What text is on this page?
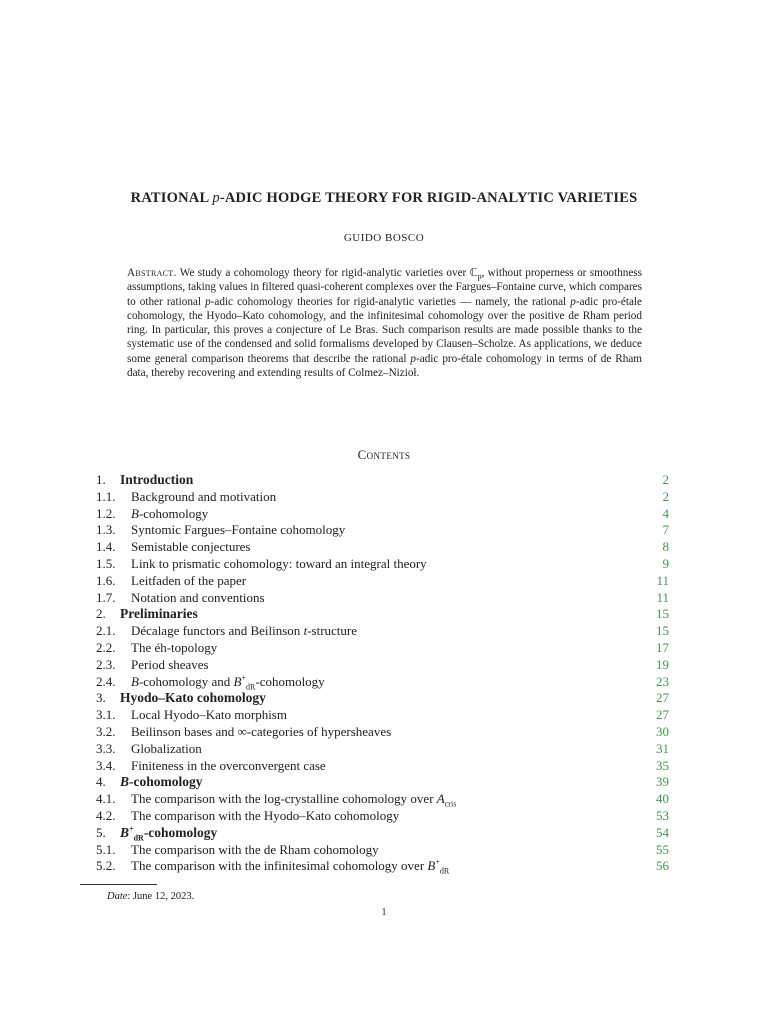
RATIONAL p-ADIC HODGE THEORY FOR RIGID-ANALYTIC VARIETIES
GUIDO BOSCO
Abstract. We study a cohomology theory for rigid-analytic varieties over ℂ$_p$, without properness or smoothness assumptions, taking values in filtered quasi-coherent complexes over the Fargues–Fontaine curve, which compares to other rational p-adic cohomology theories for rigid-analytic varieties — namely, the rational p-adic pro-étale cohomology, the Hyodo–Kato cohomology, and the infinitesimal cohomology over the positive de Rham period ring. In particular, this proves a conjecture of Le Bras. Such comparison results are made possible thanks to the systematic use of the condensed and solid formalisms developed by Clausen–Scholze. As applications, we deduce some general comparison theorems that describe the rational p-adic pro-étale cohomology in terms of de Rham data, thereby recovering and extending results of Colmez–Nizioł.
Contents
1. Introduction	2
1.1. Background and motivation	2
1.2. B-cohomology	4
1.3. Syntomic Fargues–Fontaine cohomology	7
1.4. Semistable conjectures	8
1.5. Link to prismatic cohomology: toward an integral theory	9
1.6. Leitfaden of the paper	11
1.7. Notation and conventions	11
2. Preliminaries	15
2.1. Décalage functors and Beilinson t-structure	15
2.2. The éh-topology	17
2.3. Period sheaves	19
2.4. B-cohomology and $B^+_{dR}$-cohomology	23
3. Hyodo–Kato cohomology	27
3.1. Local Hyodo–Kato morphism	27
3.2. Beilinson bases and ∞-categories of hypersheaves	30
3.3. Globalization	31
3.4. Finiteness in the overconvergent case	35
4. B-cohomology	39
4.1. The comparison with the log-crystalline cohomology over $A_{cris}$	40
4.2. The comparison with the Hyodo–Kato cohomology	53
5. $B^+_{dR}$-cohomology	54
5.1. The comparison with the de Rham cohomology	55
5.2. The comparison with the infinitesimal cohomology over $B^+_{dR}$	56
Date: June 12, 2023.
1
